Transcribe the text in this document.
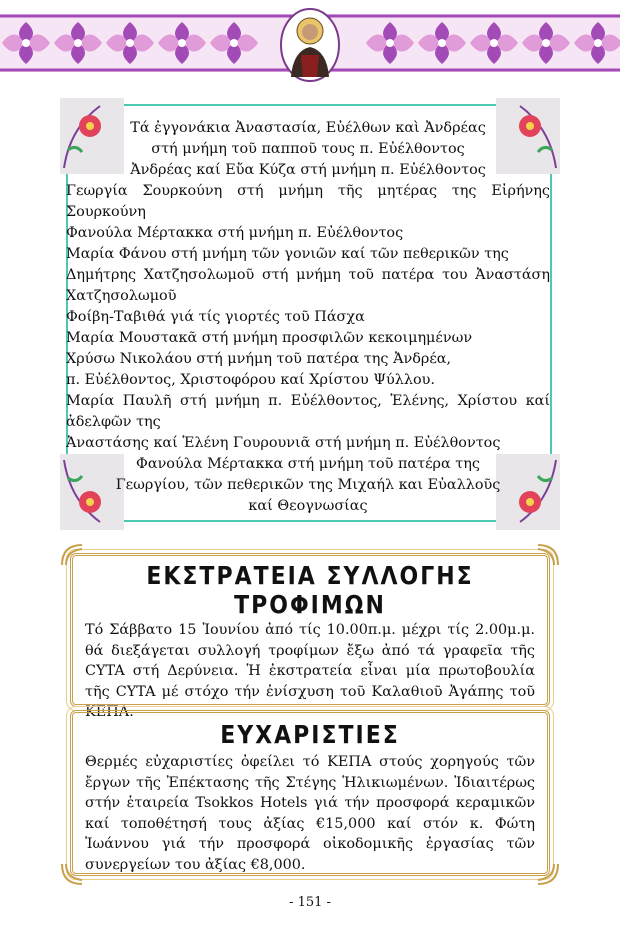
Τά ἐγγονάκια Ἀναστασία, Εὐέλθων καὶ Ἀνδρέας
στή μνήμη τοῦ παπποῦ τους π. Εὐέλθοντος
Ἀνδρέας καί Εὔα Κύζα στή μνήμη π. Εὐέλθοντος
Γεωργία Σουρκούνη στή μνήμη τῆς μητέρας της Εἰρήνης Σουρκούνη
Φανούλα Μέρτακκα στή μνήμη π. Εὐέλθοντος
Μαρία Φάνου στή μνήμη τῶν γονιῶν καί τῶν πεθερικῶν της
Δημήτρης Χατζησολωμοῦ στή μνήμη τοῦ πατέρα του Ἀναστάση Χατζησολωμοῦ
Φοίβη-Ταβιθά γιά τίς γιορτές τοῦ Πάσχα
Μαρία Μουστακᾶ στή μνήμη προσφιλῶν κεκοιμημένων
Χρύσω Νικολάου στή μνήμη τοῦ πατέρα της Ἀνδρέα,
π. Εὐέλθοντος, Χριστοφόρου καί Χρίστου Ψύλλου.
Μαρία Παυλῆ στή μνήμη π. Εὐέλθοντος, Ἑλένης, Χρίστου καί ἀδελφῶν της
Ἀναστάσης καί Ἑλένη Γουρουνιᾶ στή μνήμη π. Εὐέλθοντος
Φανούλα Μέρτακκα στή μνήμη τοῦ πατέρα της
Γεωργίου, τῶν πεθερικῶν της Μιχαήλ και Εὐαλλοῦς
καί Θεογνωσίας
ΕΚΣΤΡΑΤΕΙΑ ΣΥΛΛΟΓΗΣ ΤΡΟΦΙΜΩΝ

Τό Σάββατο 15 Ἰουνίου ἀπό τίς 10.00π.μ. μέχρι τίς 2.00μ.μ. θά διεξάγεται συλλογή τροφίμων ἔξω ἀπό τά γραφεῖα τῆς CYTA στή Δερύνεια. Ἡ ἐκστρατεία εἶναι μία πρωτοβουλία τῆς CYTA μέ στόχο τήν ἐνίσχυση τοῦ Καλαθιοῦ Ἀγάπης τοῦ ΚΕΠΑ.

ΕΥΧΑΡΙΣΤΙΕΣ

Θερμές εὐχαριστίες ὀφείλει τό ΚΕΠΑ στούς χορηγούς τῶν ἔργων τῆς Ἐπέκτασης τῆς Στέγης Ἡλικιωμένων. Ἰδιαιτέρως στήν ἑταιρεία Tsokkos Hotels γιά τήν προσφορά κεραμικῶν καί τοποθέτησή τους ἀξίας €15,000 καί στόν κ. Φώτη Ἰωάννου γιά τήν προσφορά οἰκοδομικῆς ἐργασίας τῶν συνεργείων του ἀξίας €8,000.

- 151 -
